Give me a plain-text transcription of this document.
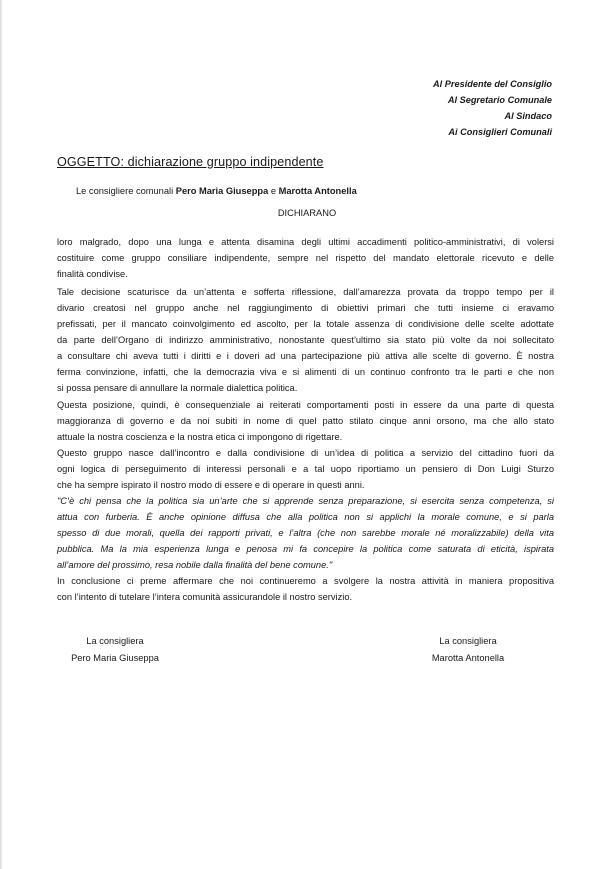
Al Presidente del Consiglio
Al Segretario Comunale
Al Sindaco
Ai Consiglieri Comunali
OGGETTO: dichiarazione gruppo indipendente
Le consigliere comunali Pero Maria Giuseppa e Marotta Antonella
DICHIARANO
loro malgrado, dopo una lunga e attenta disamina degli ultimi accadimenti politico-amministrativi, di volersi
costituire come gruppo consiliare indipendente, sempre nel rispetto del mandato elettorale ricevuto e delle
finalità condivise.
Tale decisione scaturisce da un’attenta e sofferta riflessione, dall’amarezza provata da troppo tempo per il
divario creatosi nel gruppo anche nel raggiungimento di obiettivi primari che tutti insieme ci eravamo
prefissati, per il mancato coinvolgimento ed ascolto, per la totale assenza di condivisione delle scelte adottate
da parte dell’Organo di indirizzo amministrativo, nonostante quest’ultimo sia stato più volte da noi sollecitato
a consultare chi aveva tutti i diritti e i doveri ad una partecipazione più attiva alle scelte di governo. È nostra
ferma convinzione, infatti, che la democrazia viva e si alimenti di un continuo confronto tra le parti e che non
si possa pensare di annullare la normale dialettica politica.
Questa posizione, quindi, è consequenziale ai reiterati comportamenti posti in essere da una parte di questa
maggioranza di governo e da noi subiti in nome di quel patto stilato cinque anni orsono, ma che allo stato
attuale la nostra coscienza e la nostra etica ci impongono di rigettare.
Questo gruppo nasce dall’incontro e dalla condivisione di un’idea di politica a servizio del cittadino fuori da
ogni logica di perseguimento di interessi personali e a tal uopo riportiamo un pensiero di Don Luigi Sturzo
che ha sempre ispirato il nostro modo di essere e di operare in questi anni.
"C’è chi pensa che la politica sia un’arte che si apprende senza preparazione, si esercita senza competenza, si
attua con furberia. È anche opinione diffusa che alla politica non si applichi la morale comune, e si parla
spesso di due morali, quella dei rapporti privati, e l’altra (che non sarebbe morale né moralizzabile) della vita
pubblica. Ma la mia esperienza lunga e penosa mi fa concepire la politica come saturata di eticità, ispirata
all’amore del prossimo, resa nobile dalla finalità del bene comune."
In conclusione ci preme affermare che noi continueremo a svolgere la nostra attività in maniera propositiva
con l’intento di tutelare l’intera comunità assicurandole il nostro servizio.
La consigliera
Pero Maria Giuseppa
La consigliera
Marotta Antonella
